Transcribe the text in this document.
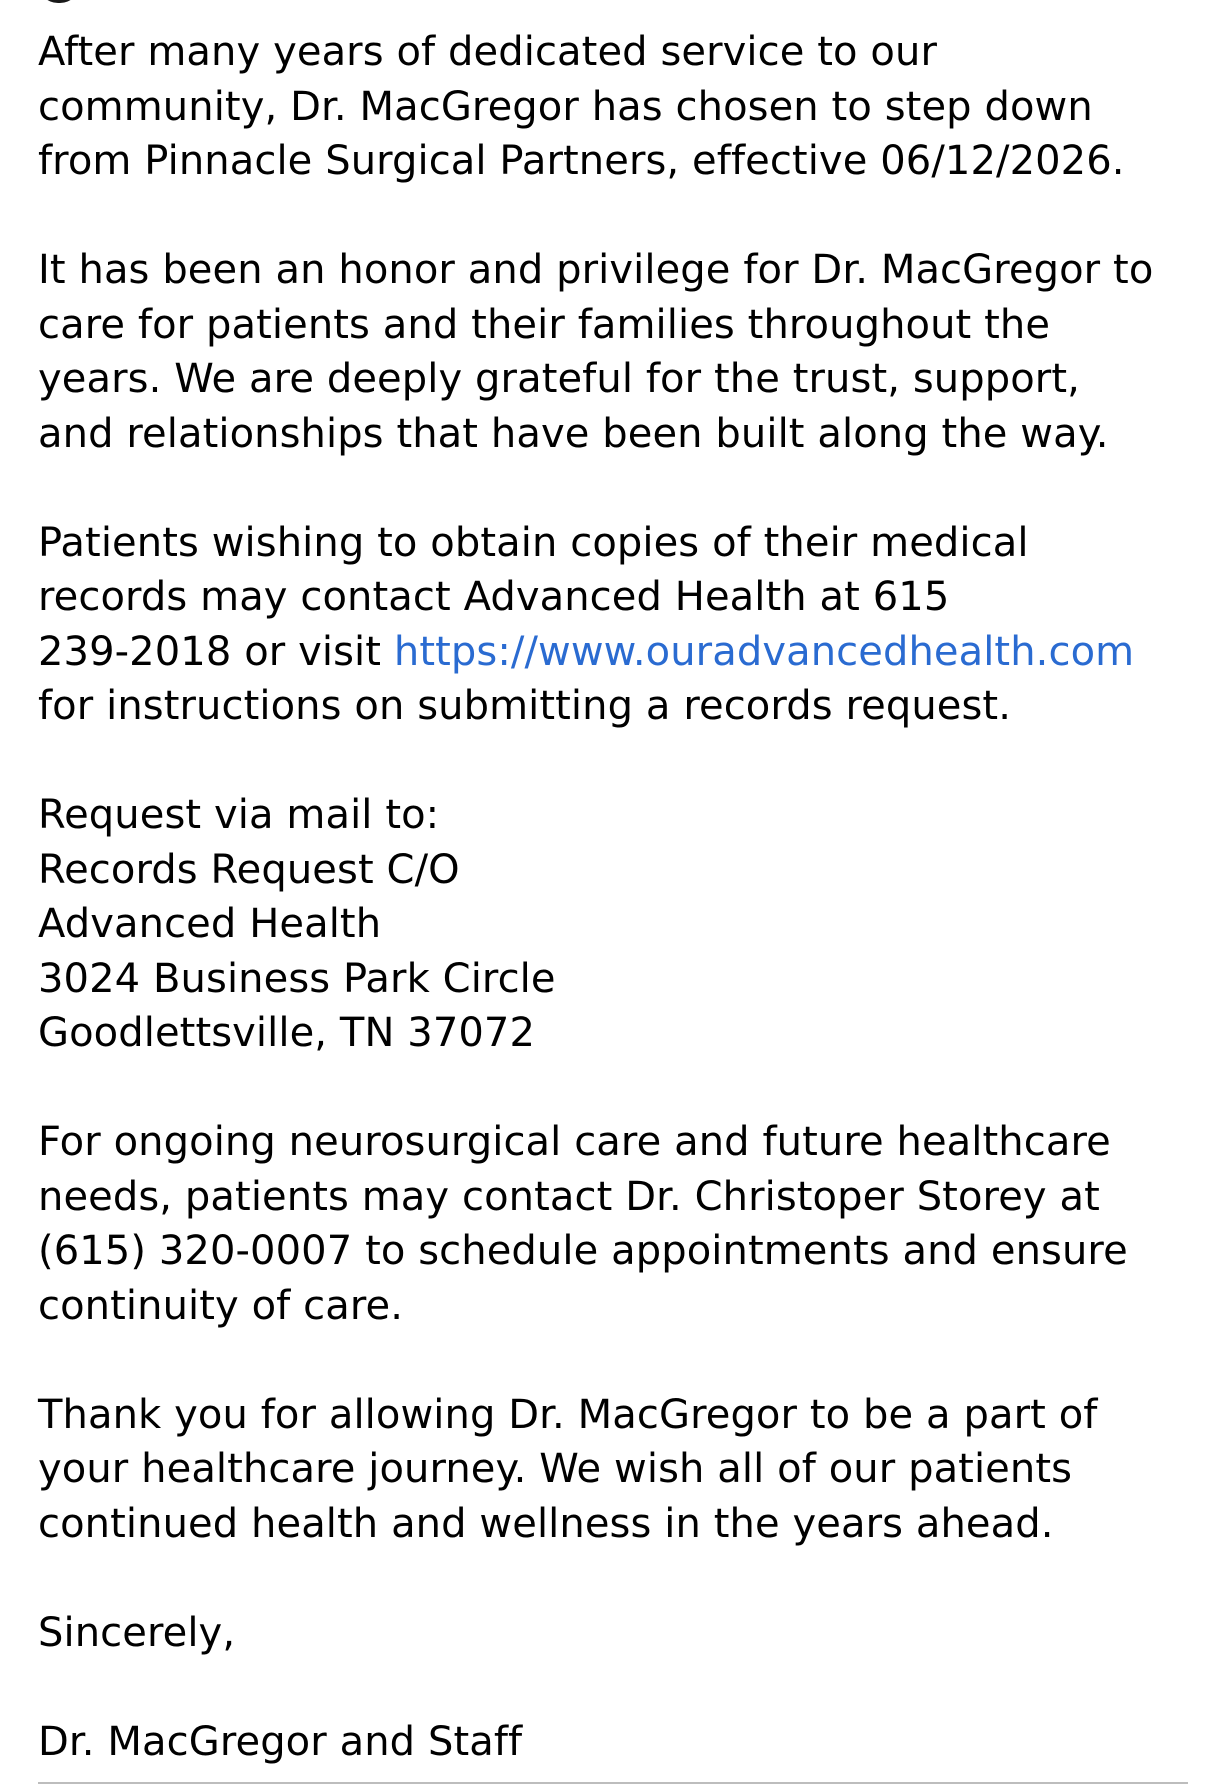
After many years of dedicated service to our
community, Dr. MacGregor has chosen to step down
from Pinnacle Surgical Partners, effective 06/12/2026.

It has been an honor and privilege for Dr. MacGregor to
care for patients and their families throughout the
years. We are deeply grateful for the trust, support,
and relationships that have been built along the way.

Patients wishing to obtain copies of their medical
records may contact Advanced Health at 615
239-2018 or visit https://www.ouradvancedhealth.com
for instructions on submitting a records request.

Request via mail to:
Records Request C/O
Advanced Health
3024 Business Park Circle
Goodlettsville, TN 37072

For ongoing neurosurgical care and future healthcare
needs, patients may contact Dr. Christoper Storey at
(615) 320-0007 to schedule appointments and ensure
continuity of care.

Thank you for allowing Dr. MacGregor to be a part of
your healthcare journey. We wish all of our patients
continued health and wellness in the years ahead.

Sincerely,

Dr. MacGregor and Staff
